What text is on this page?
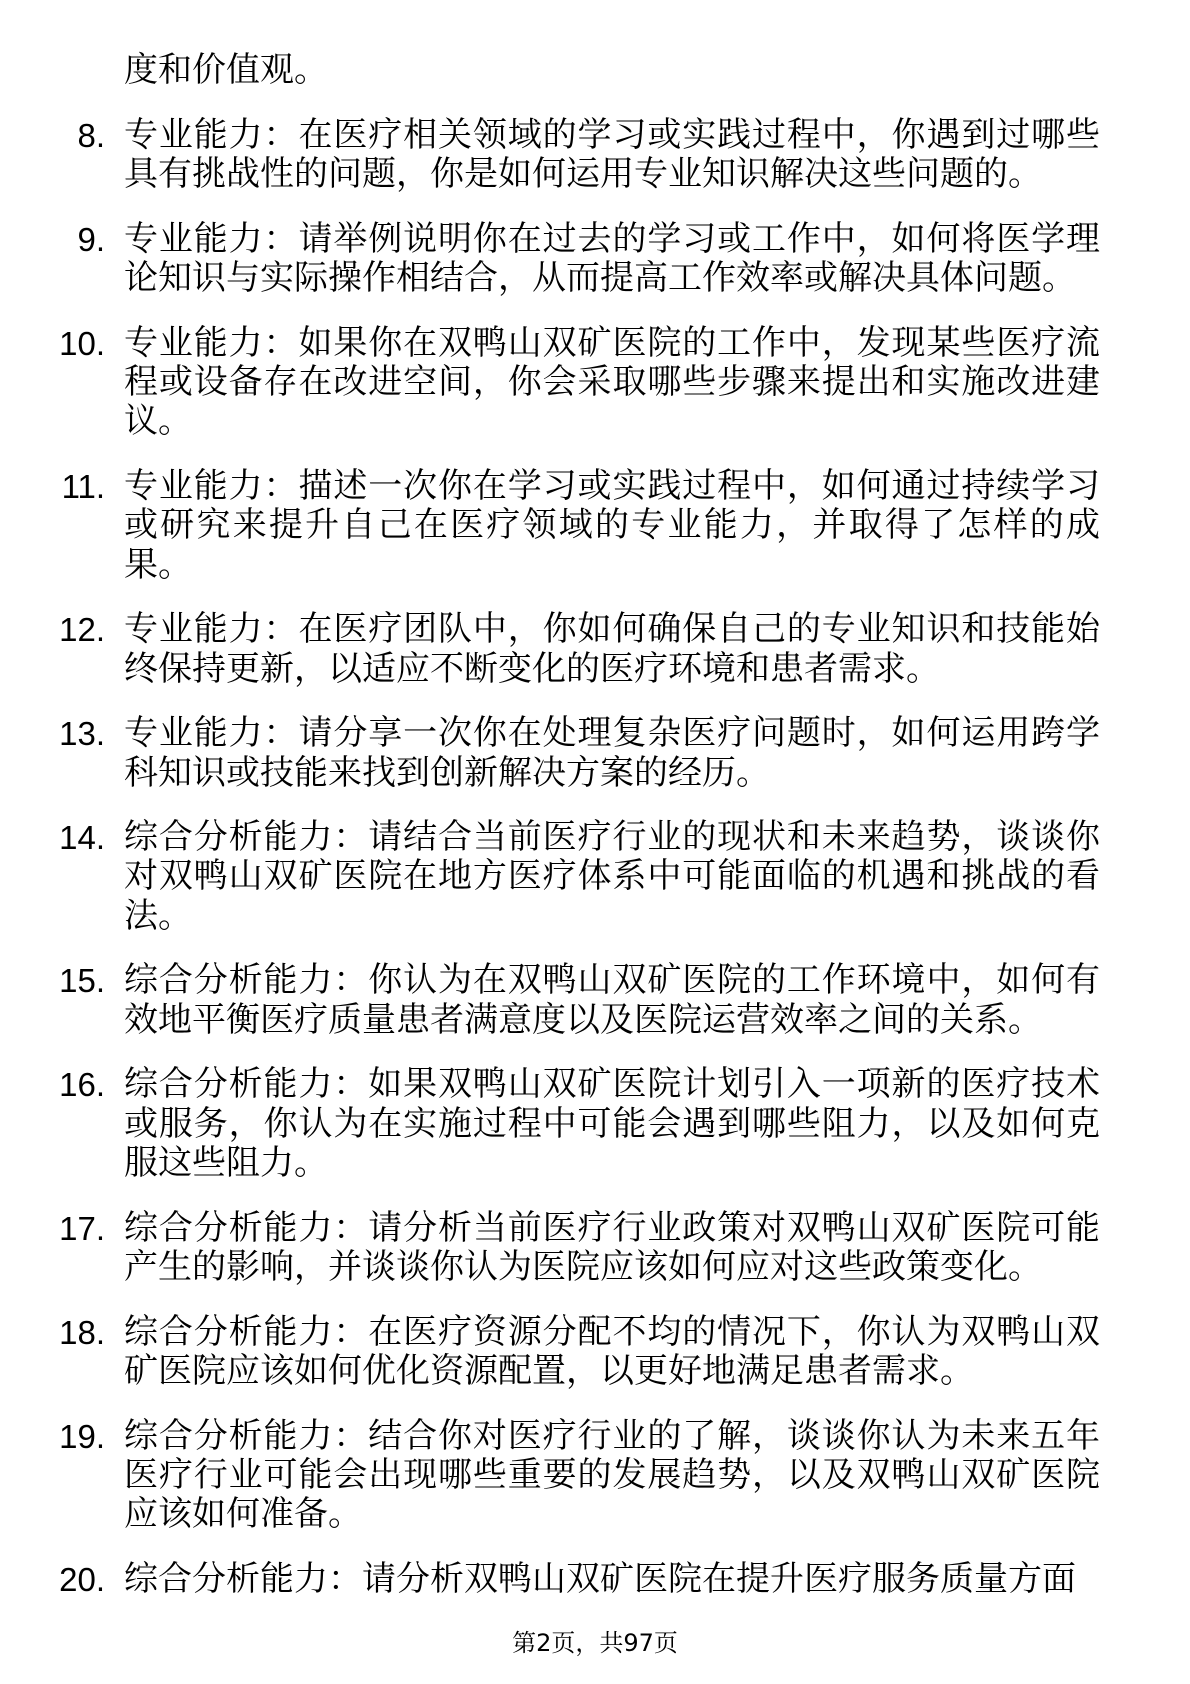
度和价值观。
8. 专业能力：在医疗相关领域的学习或实践过程中，你遇到过哪些
具有挑战性的问题，你是如何运用专业知识解决这些问题的。
9. 专业能力：请举例说明你在过去的学习或工作中，如何将医学理
论知识与实际操作相结合，从而提高工作效率或解决具体问题。
10. 专业能力：如果你在双鸭山双矿医院的工作中，发现某些医疗流
程或设备存在改进空间，你会采取哪些步骤来提出和实施改进建
议。
11. 专业能力：描述一次你在学习或实践过程中，如何通过持续学习
或研究来提升自己在医疗领域的专业能力，并取得了怎样的成
果。
12. 专业能力：在医疗团队中，你如何确保自己的专业知识和技能始
终保持更新，以适应不断变化的医疗环境和患者需求。
13. 专业能力：请分享一次你在处理复杂医疗问题时，如何运用跨学
科知识或技能来找到创新解决方案的经历。
14. 综合分析能力：请结合当前医疗行业的现状和未来趋势，谈谈你
对双鸭山双矿医院在地方医疗体系中可能面临的机遇和挑战的看
法。
15. 综合分析能力：你认为在双鸭山双矿医院的工作环境中，如何有
效地平衡医疗质量患者满意度以及医院运营效率之间的关系。
16. 综合分析能力：如果双鸭山双矿医院计划引入一项新的医疗技术
或服务，你认为在实施过程中可能会遇到哪些阻力，以及如何克
服这些阻力。
17. 综合分析能力：请分析当前医疗行业政策对双鸭山双矿医院可能
产生的影响，并谈谈你认为医院应该如何应对这些政策变化。
18. 综合分析能力：在医疗资源分配不均的情况下，你认为双鸭山双
矿医院应该如何优化资源配置，以更好地满足患者需求。
19. 综合分析能力：结合你对医疗行业的了解，谈谈你认为未来五年
医疗行业可能会出现哪些重要的发展趋势，以及双鸭山双矿医院
应该如何准备。
20. 综合分析能力：请分析双鸭山双矿医院在提升医疗服务质量方面
第2页，共97页
